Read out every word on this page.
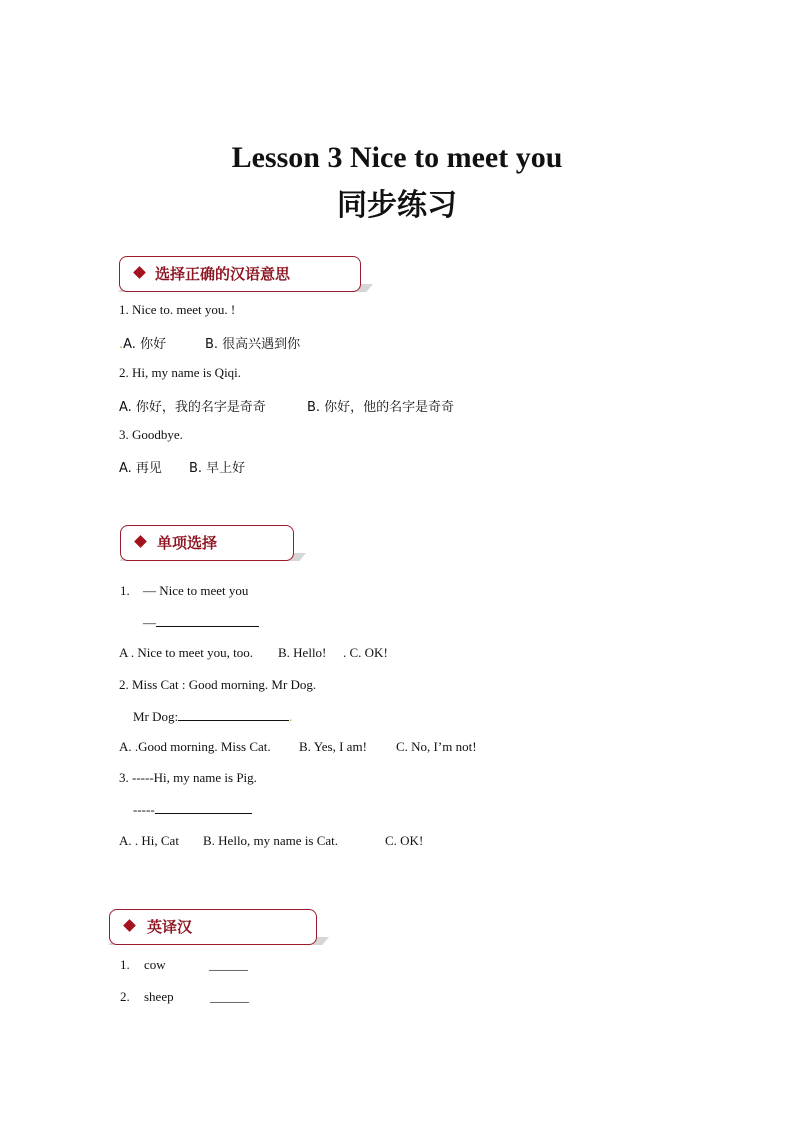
Lesson 3 Nice to meet you
同步练习
选择正确的汉语意思
1. Nice to. meet you. !
.A. 你好	B. 很高兴遇到你
2. Hi, my name is Qiqi.
A. 你好，我的名字是奇奇	B. 你好，他的名字是奇奇
3. Goodbye.
A. 再见 B. 早上好
单项选择
1. — Nice to meet you
—
A . Nice to meet you, too. B. Hello! . C. OK!
2. Miss Cat : Good morning. Mr Dog.
Mr Dog:	.
A. .Good morning. Miss Cat. B. Yes, I am! C. No, I’m not!
3. -----Hi, my name is Pig.
-----
A. . Hi, Cat B. Hello, my name is Cat.	C. OK!
英译汉
1. cow	______
2. sheep	______
